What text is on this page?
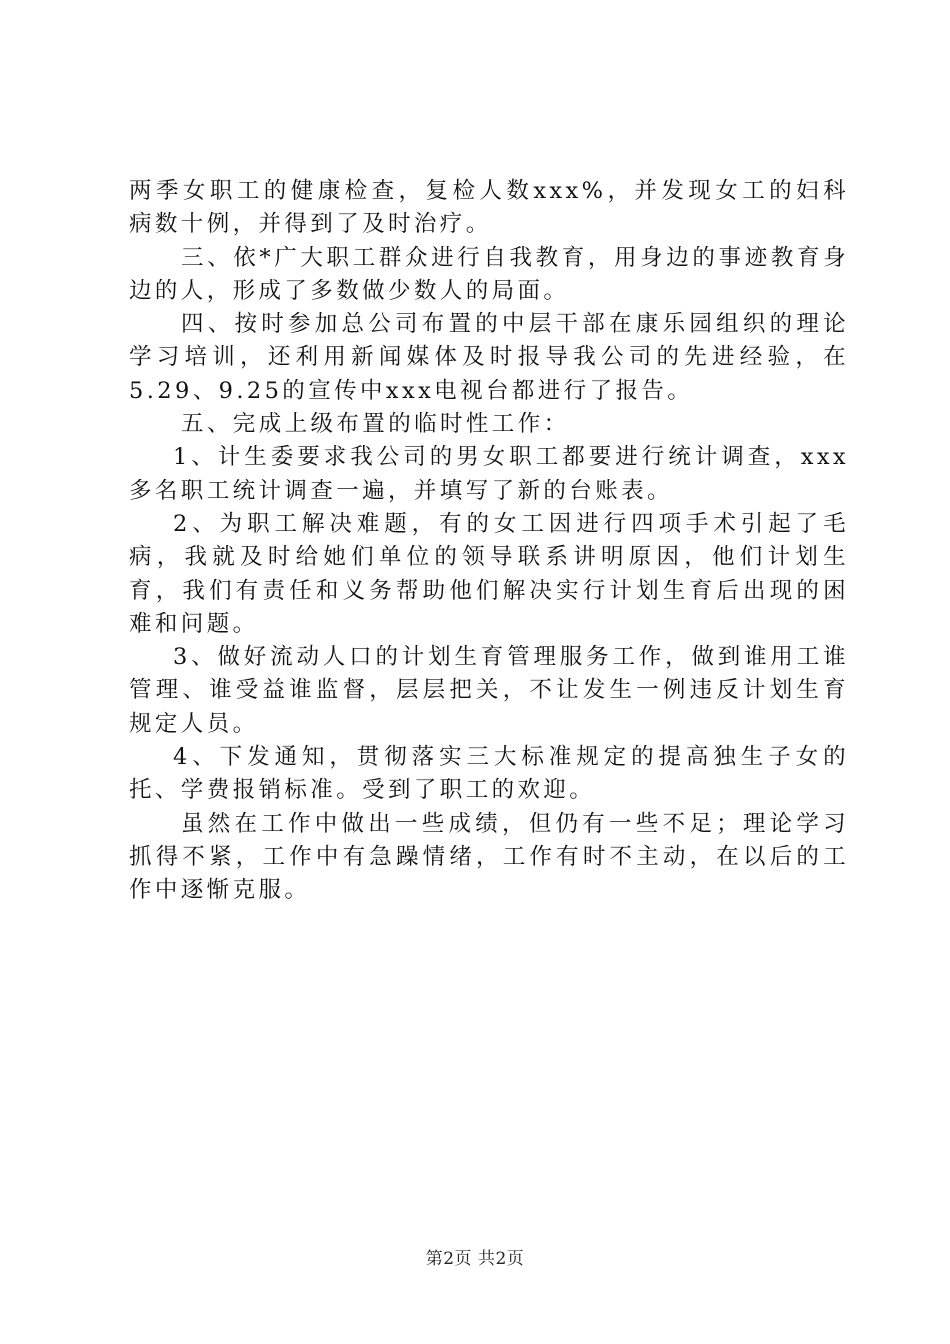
两季女职工的健康检查，复检人数xxx%，并发现女工的妇科病数十例，并得到了及时治疗。

三、依*广大职工群众进行自我教育，用身边的事迹教育身边的人，形成了多数做少数人的局面。

四、按时参加总公司布置的中层干部在康乐园组织的理论学习培训，还利用新闻媒体及时报导我公司的先进经验，在5.29、9.25的宣传中xxx电视台都进行了报告。

五、完成上级布置的临时性工作：

1、计生委要求我公司的男女职工都要进行统计调查，xxx多名职工统计调查一遍，并填写了新的台账表。

2、为职工解决难题，有的女工因进行四项手术引起了毛病，我就及时给她们单位的领导联系讲明原因，他们计划生育，我们有责任和义务帮助他们解决实行计划生育后出现的困难和问题。

3、做好流动人口的计划生育管理服务工作，做到谁用工谁管理、谁受益谁监督，层层把关，不让发生一例违反计划生育规定人员。

4、下发通知，贯彻落实三大标准规定的提高独生子女的托、学费报销标准。受到了职工的欢迎。

虽然在工作中做出一些成绩，但仍有一些不足；理论学习抓得不紧，工作中有急躁情绪，工作有时不主动，在以后的工作中逐惭克服。

第2页 共2页
